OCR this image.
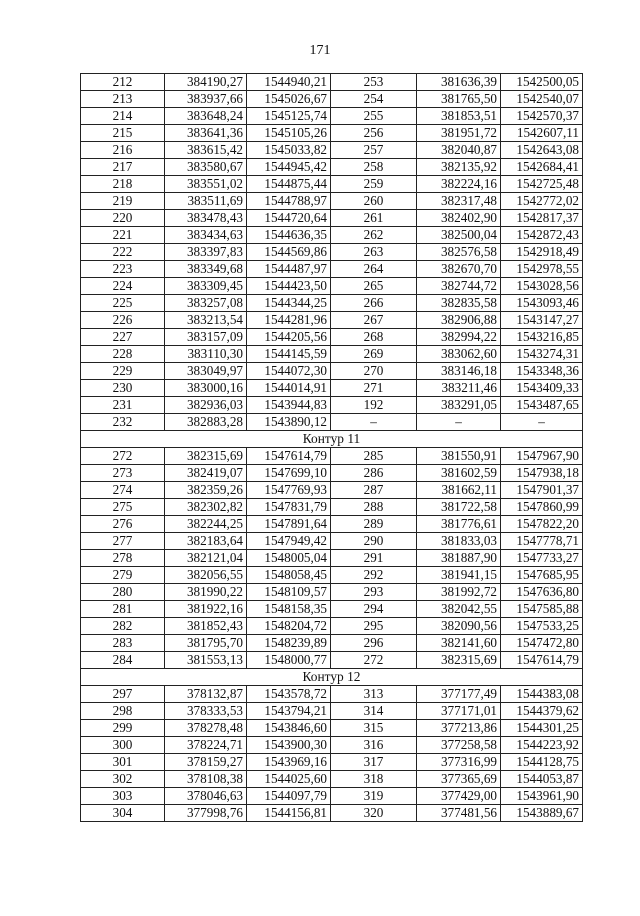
171
212	384190,27	1544940,21	253	381636,39	1542500,05
213	383937,66	1545026,67	254	381765,50	1542540,07
214	383648,24	1545125,74	255	381853,51	1542570,37
215	383641,36	1545105,26	256	381951,72	1542607,11
216	383615,42	1545033,82	257	382040,87	1542643,08
217	383580,67	1544945,42	258	382135,92	1542684,41
218	383551,02	1544875,44	259	382224,16	1542725,48
219	383511,69	1544788,97	260	382317,48	1542772,02
220	383478,43	1544720,64	261	382402,90	1542817,37
221	383434,63	1544636,35	262	382500,04	1542872,43
222	383397,83	1544569,86	263	382576,58	1542918,49
223	383349,68	1544487,97	264	382670,70	1542978,55
224	383309,45	1544423,50	265	382744,72	1543028,56
225	383257,08	1544344,25	266	382835,58	1543093,46
226	383213,54	1544281,96	267	382906,88	1543147,27
227	383157,09	1544205,56	268	382994,22	1543216,85
228	383110,30	1544145,59	269	383062,60	1543274,31
229	383049,97	1544072,30	270	383146,18	1543348,36
230	383000,16	1544014,91	271	383211,46	1543409,33
231	382936,03	1543944,83	192	383291,05	1543487,65
232	382883,28	1543890,12	–	–	–
Контур 11					
272	382315,69	1547614,79	285	381550,91	1547967,90
273	382419,07	1547699,10	286	381602,59	1547938,18
274	382359,26	1547769,93	287	381662,11	1547901,37
275	382302,82	1547831,79	288	381722,58	1547860,99
276	382244,25	1547891,64	289	381776,61	1547822,20
277	382183,64	1547949,42	290	381833,03	1547778,71
278	382121,04	1548005,04	291	381887,90	1547733,27
279	382056,55	1548058,45	292	381941,15	1547685,95
280	381990,22	1548109,57	293	381992,72	1547636,80
281	381922,16	1548158,35	294	382042,55	1547585,88
282	381852,43	1548204,72	295	382090,56	1547533,25
283	381795,70	1548239,89	296	382141,60	1547472,80
284	381553,13	1548000,77	272	382315,69	1547614,79
Контур 12					
297	378132,87	1543578,72	313	377177,49	1544383,08
298	378333,53	1543794,21	314	377171,01	1544379,62
299	378278,48	1543846,60	315	377213,86	1544301,25
300	378224,71	1543900,30	316	377258,58	1544223,92
301	378159,27	1543969,16	317	377316,99	1544128,75
302	378108,38	1544025,60	318	377365,69	1544053,87
303	378046,63	1544097,79	319	377429,00	1543961,90
304	377998,76	1544156,81	320	377481,56	1543889,67
